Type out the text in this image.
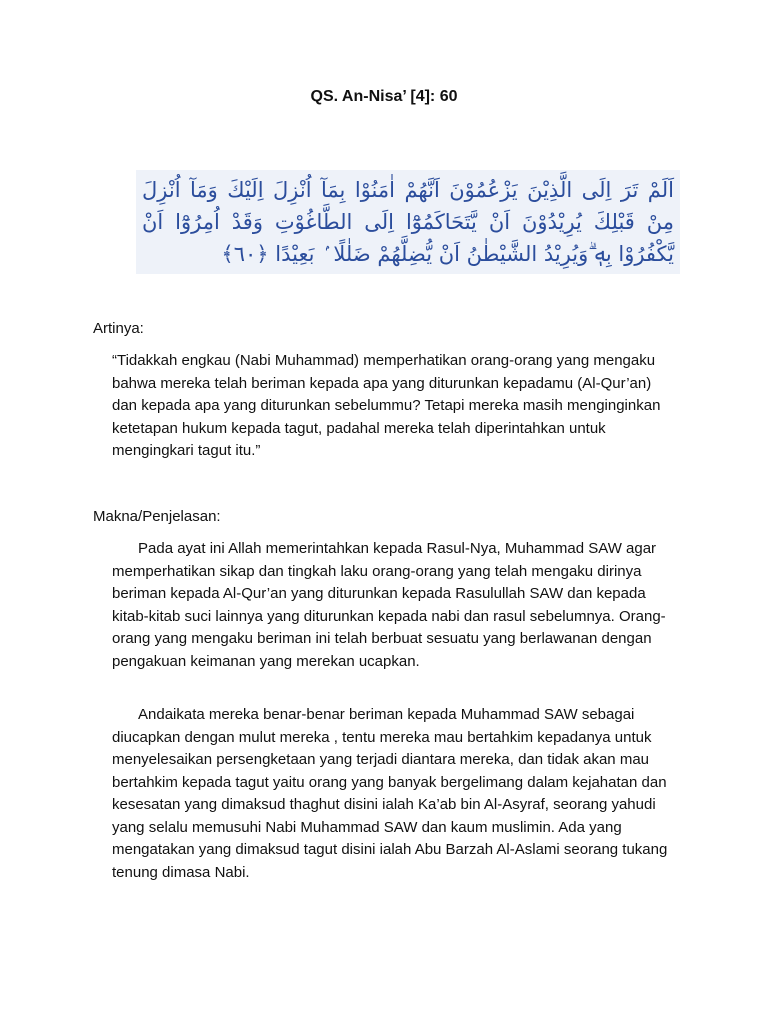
QS. An-Nisa’ [4]: 60
اَلَمْ تَرَ اِلَى الَّذِيْنَ يَزْعُمُوْنَ اَنَّهُمْ اٰمَنُوْا بِمَآ اُنْزِلَ اِلَيْكَ وَمَآ اُنْزِلَ مِنْ قَبْلِكَ يُرِيْدُوْنَ اَنْ يَّتَحَاكَمُوْٓا اِلَى الطَّاغُوْتِ وَقَدْ اُمِرُوْٓا اَنْ يَّكْفُرُوْا بِهٖ ۗوَيُرِيْدُ الشَّيْطٰنُ اَنْ يُّضِلَّهُمْ ضَلٰلًا ۢ بَعِيْدًا ﴿٦٠﴾
Artinya:

“Tidakkah engkau (Nabi Muhammad) memperhatikan orang-orang yang mengaku bahwa mereka telah beriman kepada apa yang diturunkan kepadamu (Al-Qur’an) dan kepada apa yang diturunkan sebelummu? Tetapi mereka masih menginginkan ketetapan hukum kepada tagut, padahal mereka telah diperintahkan untuk mengingkari tagut itu.”

Makna/Penjelasan:

Pada ayat ini Allah memerintahkan kepada Rasul-Nya, Muhammad SAW agar memperhatikan sikap dan tingkah laku orang-orang yang telah mengaku dirinya beriman kepada Al-Qur’an yang diturunkan kepada Rasulullah SAW dan kepada kitab-kitab suci lainnya yang diturunkan kepada nabi dan rasul sebelumnya. Orang-orang yang mengaku beriman ini telah berbuat sesuatu yang berlawanan dengan pengakuan keimanan yang merekan ucapkan.

Andaikata mereka benar-benar beriman kepada Muhammad SAW sebagai diucapkan dengan mulut mereka , tentu mereka mau bertahkim kepadanya untuk menyelesaikan persengketaan yang terjadi diantara mereka, dan tidak akan mau bertahkim kepada tagut yaitu orang yang banyak bergelimang dalam kejahatan dan kesesatan yang dimaksud thaghut disini ialah Ka’ab bin Al-Asyraf, seorang yahudi yang selalu memusuhi Nabi Muhammad SAW dan kaum muslimin. Ada yang mengatakan yang dimaksud tagut disini ialah Abu Barzah Al-Aslami seorang tukang tenung dimasa Nabi.
